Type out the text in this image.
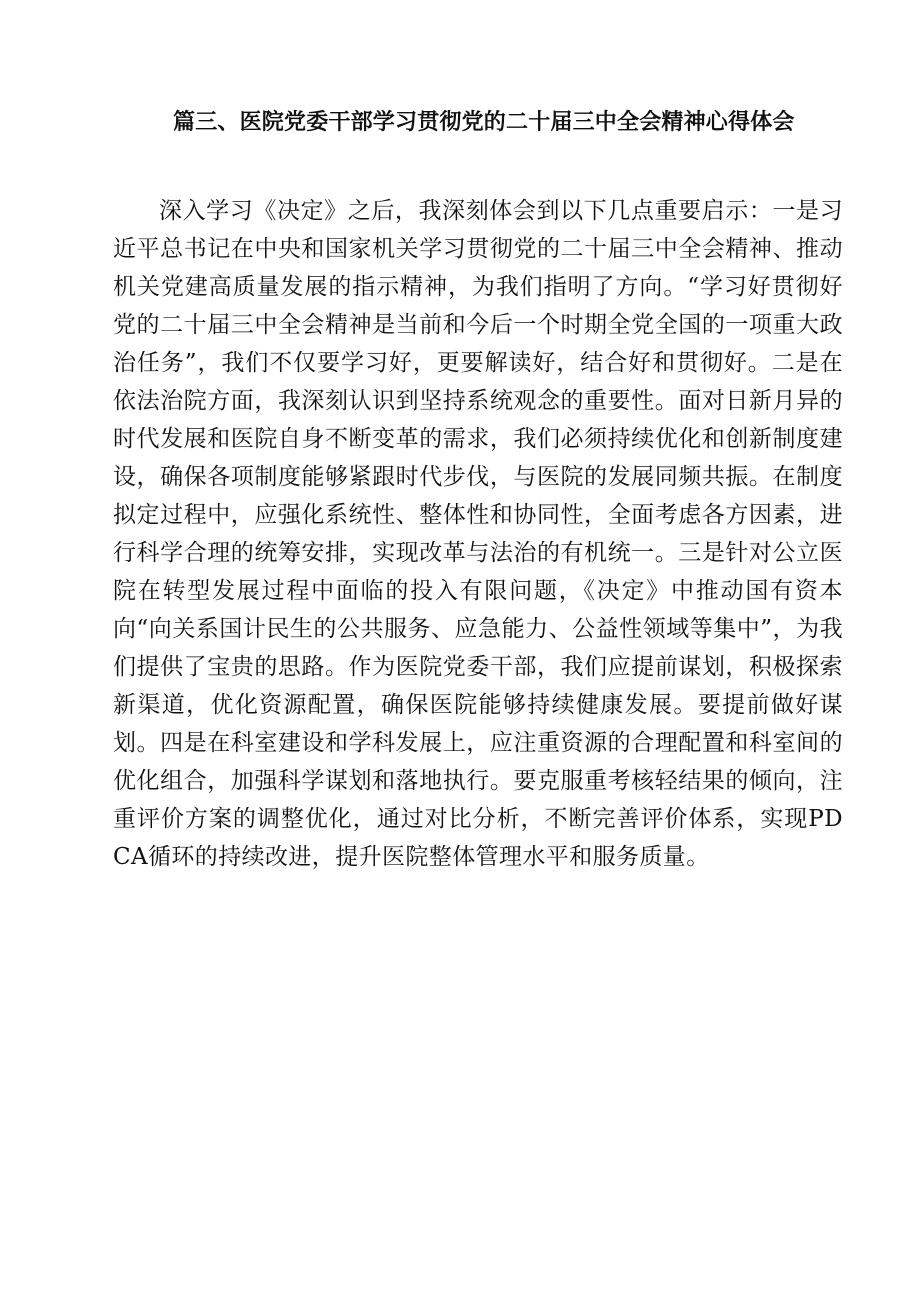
篇三、医院党委干部学习贯彻党的二十届三中全会精神心得体会

深入学习《决定》之后，我深刻体会到以下几点重要启示：一是习近平总书记在中央和国家机关学习贯彻党的二十届三中全会精神、推动机关党建高质量发展的指示精神，为我们指明了方向。“学习好贯彻好党的二十届三中全会精神是当前和今后一个时期全党全国的一项重大政治任务”，我们不仅要学习好，更要解读好，结合好和贯彻好。二是在依法治院方面，我深刻认识到坚持系统观念的重要性。面对日新月异的时代发展和医院自身不断变革的需求，我们必须持续优化和创新制度建设，确保各项制度能够紧跟时代步伐，与医院的发展同频共振。在制度拟定过程中，应强化系统性、整体性和协同性，全面考虑各方因素，进行科学合理的统筹安排，实现改革与法治的有机统一。三是针对公立医院在转型发展过程中面临的投入有限问题，《决定》中推动国有资本向“向关系国计民生的公共服务、应急能力、公益性领域等集中”，为我们提供了宝贵的思路。作为医院党委干部，我们应提前谋划，积极探索新渠道，优化资源配置，确保医院能够持续健康发展。要提前做好谋划。四是在科室建设和学科发展上，应注重资源的合理配置和科室间的优化组合，加强科学谋划和落地执行。要克服重考核轻结果的倾向，注重评价方案的调整优化，通过对比分析，不断完善评价体系，实现PDCA循环的持续改进，提升医院整体管理水平和服务质量。
